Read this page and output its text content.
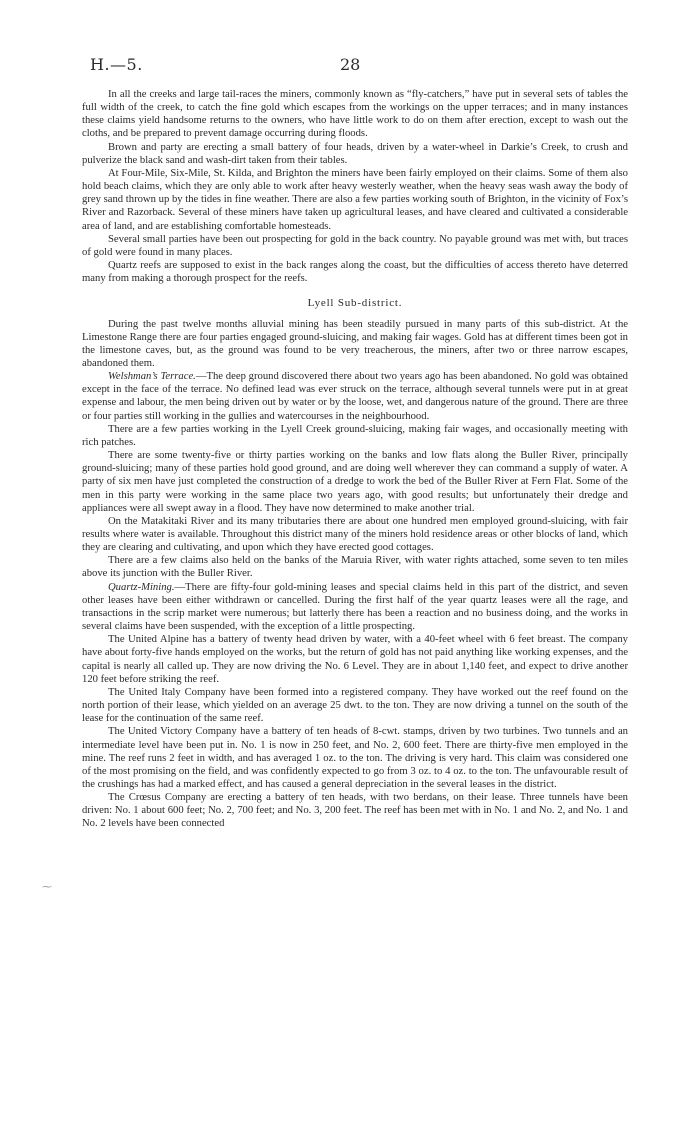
H.—5.	28
⁓

In all the creeks and large tail-races the miners, commonly known as “fly-catchers,” have put in several sets of tables the full width of the creek, to catch the fine gold which escapes from the workings on the upper terraces; and in many instances these claims yield handsome returns to the owners, who have little work to do on them after erection, except to wash out the cloths, and be prepared to prevent damage occurring during floods.

Brown and party are erecting a small battery of four heads, driven by a water-wheel in Darkie’s Creek, to crush and pulverize the black sand and wash-dirt taken from their tables.

At Four-Mile, Six-Mile, St. Kilda, and Brighton the miners have been fairly employed on their claims. Some of them also hold beach claims, which they are only able to work after heavy westerly weather, when the heavy seas wash away the body of grey sand thrown up by the tides in fine weather. There are also a few parties working south of Brighton, in the vicinity of Fox’s River and Razorback. Several of these miners have taken up agricultural leases, and have cleared and cultivated a considerable area of land, and are establishing comfortable homesteads.

Several small parties have been out prospecting for gold in the back country. No payable ground was met with, but traces of gold were found in many places.

Quartz reefs are supposed to exist in the back ranges along the coast, but the difficulties of access thereto have deterred many from making a thorough prospect for the reefs.

Lyell Sub-district.

During the past twelve months alluvial mining has been steadily pursued in many parts of this sub-district. At the Limestone Range there are four parties engaged ground-sluicing, and making fair wages. Gold has at different times been got in the limestone caves, but, as the ground was found to be very treacherous, the miners, after two or three narrow escapes, abandoned them.

Welshman’s Terrace.—The deep ground discovered there about two years ago has been abandoned. No gold was obtained except in the face of the terrace. No defined lead was ever struck on the terrace, although several tunnels were put in at great expense and labour, the men being driven out by water or by the loose, wet, and dangerous nature of the ground. There are three or four parties still working in the gullies and watercourses in the neighbourhood.

There are a few parties working in the Lyell Creek ground-sluicing, making fair wages, and occasionally meeting with rich patches.

There are some twenty-five or thirty parties working on the banks and low flats along the Buller River, principally ground-sluicing; many of these parties hold good ground, and are doing well wherever they can command a supply of water. A party of six men have just completed the construction of a dredge to work the bed of the Buller River at Fern Flat. Some of the men in this party were working in the same place two years ago, with good results; but unfortunately their dredge and appliances were all swept away in a flood. They have now determined to make another trial.

On the Matakitaki River and its many tributaries there are about one hundred men employed ground-sluicing, with fair results where water is available. Throughout this district many of the miners hold residence areas or other blocks of land, which they are clearing and cultivating, and upon which they have erected good cottages.

There are a few claims also held on the banks of the Maruia River, with water rights attached, some seven to ten miles above its junction with the Buller River.

Quartz-Mining.—There are fifty-four gold-mining leases and special claims held in this part of the district, and seven other leases have been either withdrawn or cancelled. During the first half of the year quartz leases were all the rage, and transactions in the scrip market were numerous; but latterly there has been a reaction and no business doing, and the works in several claims have been suspended, with the exception of a little prospecting.

The United Alpine has a battery of twenty head driven by water, with a 40-feet wheel with 6 feet breast. The company have about forty-five hands employed on the works, but the return of gold has not paid anything like working expenses, and the capital is nearly all called up. They are now driving the No. 6 Level. They are in about 1,140 feet, and expect to drive another 120 feet before striking the reef.

The United Italy Company have been formed into a registered company. They have worked out the reef found on the north portion of their lease, which yielded on an average 25 dwt. to the ton. They are now driving a tunnel on the south of the lease for the continuation of the same reef.

The United Victory Company have a battery of ten heads of 8-cwt. stamps, driven by two turbines. Two tunnels and an intermediate level have been put in. No. 1 is now in 250 feet, and No. 2, 600 feet. There are thirty-five men employed in the mine. The reef runs 2 feet in width, and has averaged 1 oz. to the ton. The driving is very hard. This claim was considered one of the most promising on the field, and was confidently expected to go from 3 oz. to 4 oz. to the ton. The unfavourable result of the crushings has had a marked effect, and has caused a general depreciation in the several leases in the district.

The Crœsus Company are erecting a battery of ten heads, with two berdans, on their lease. Three tunnels have been driven: No. 1 about 600 feet; No. 2, 700 feet; and No. 3, 200 feet. The reef has been met with in No. 1 and No. 2, and No. 1 and No. 2 levels have been connected
